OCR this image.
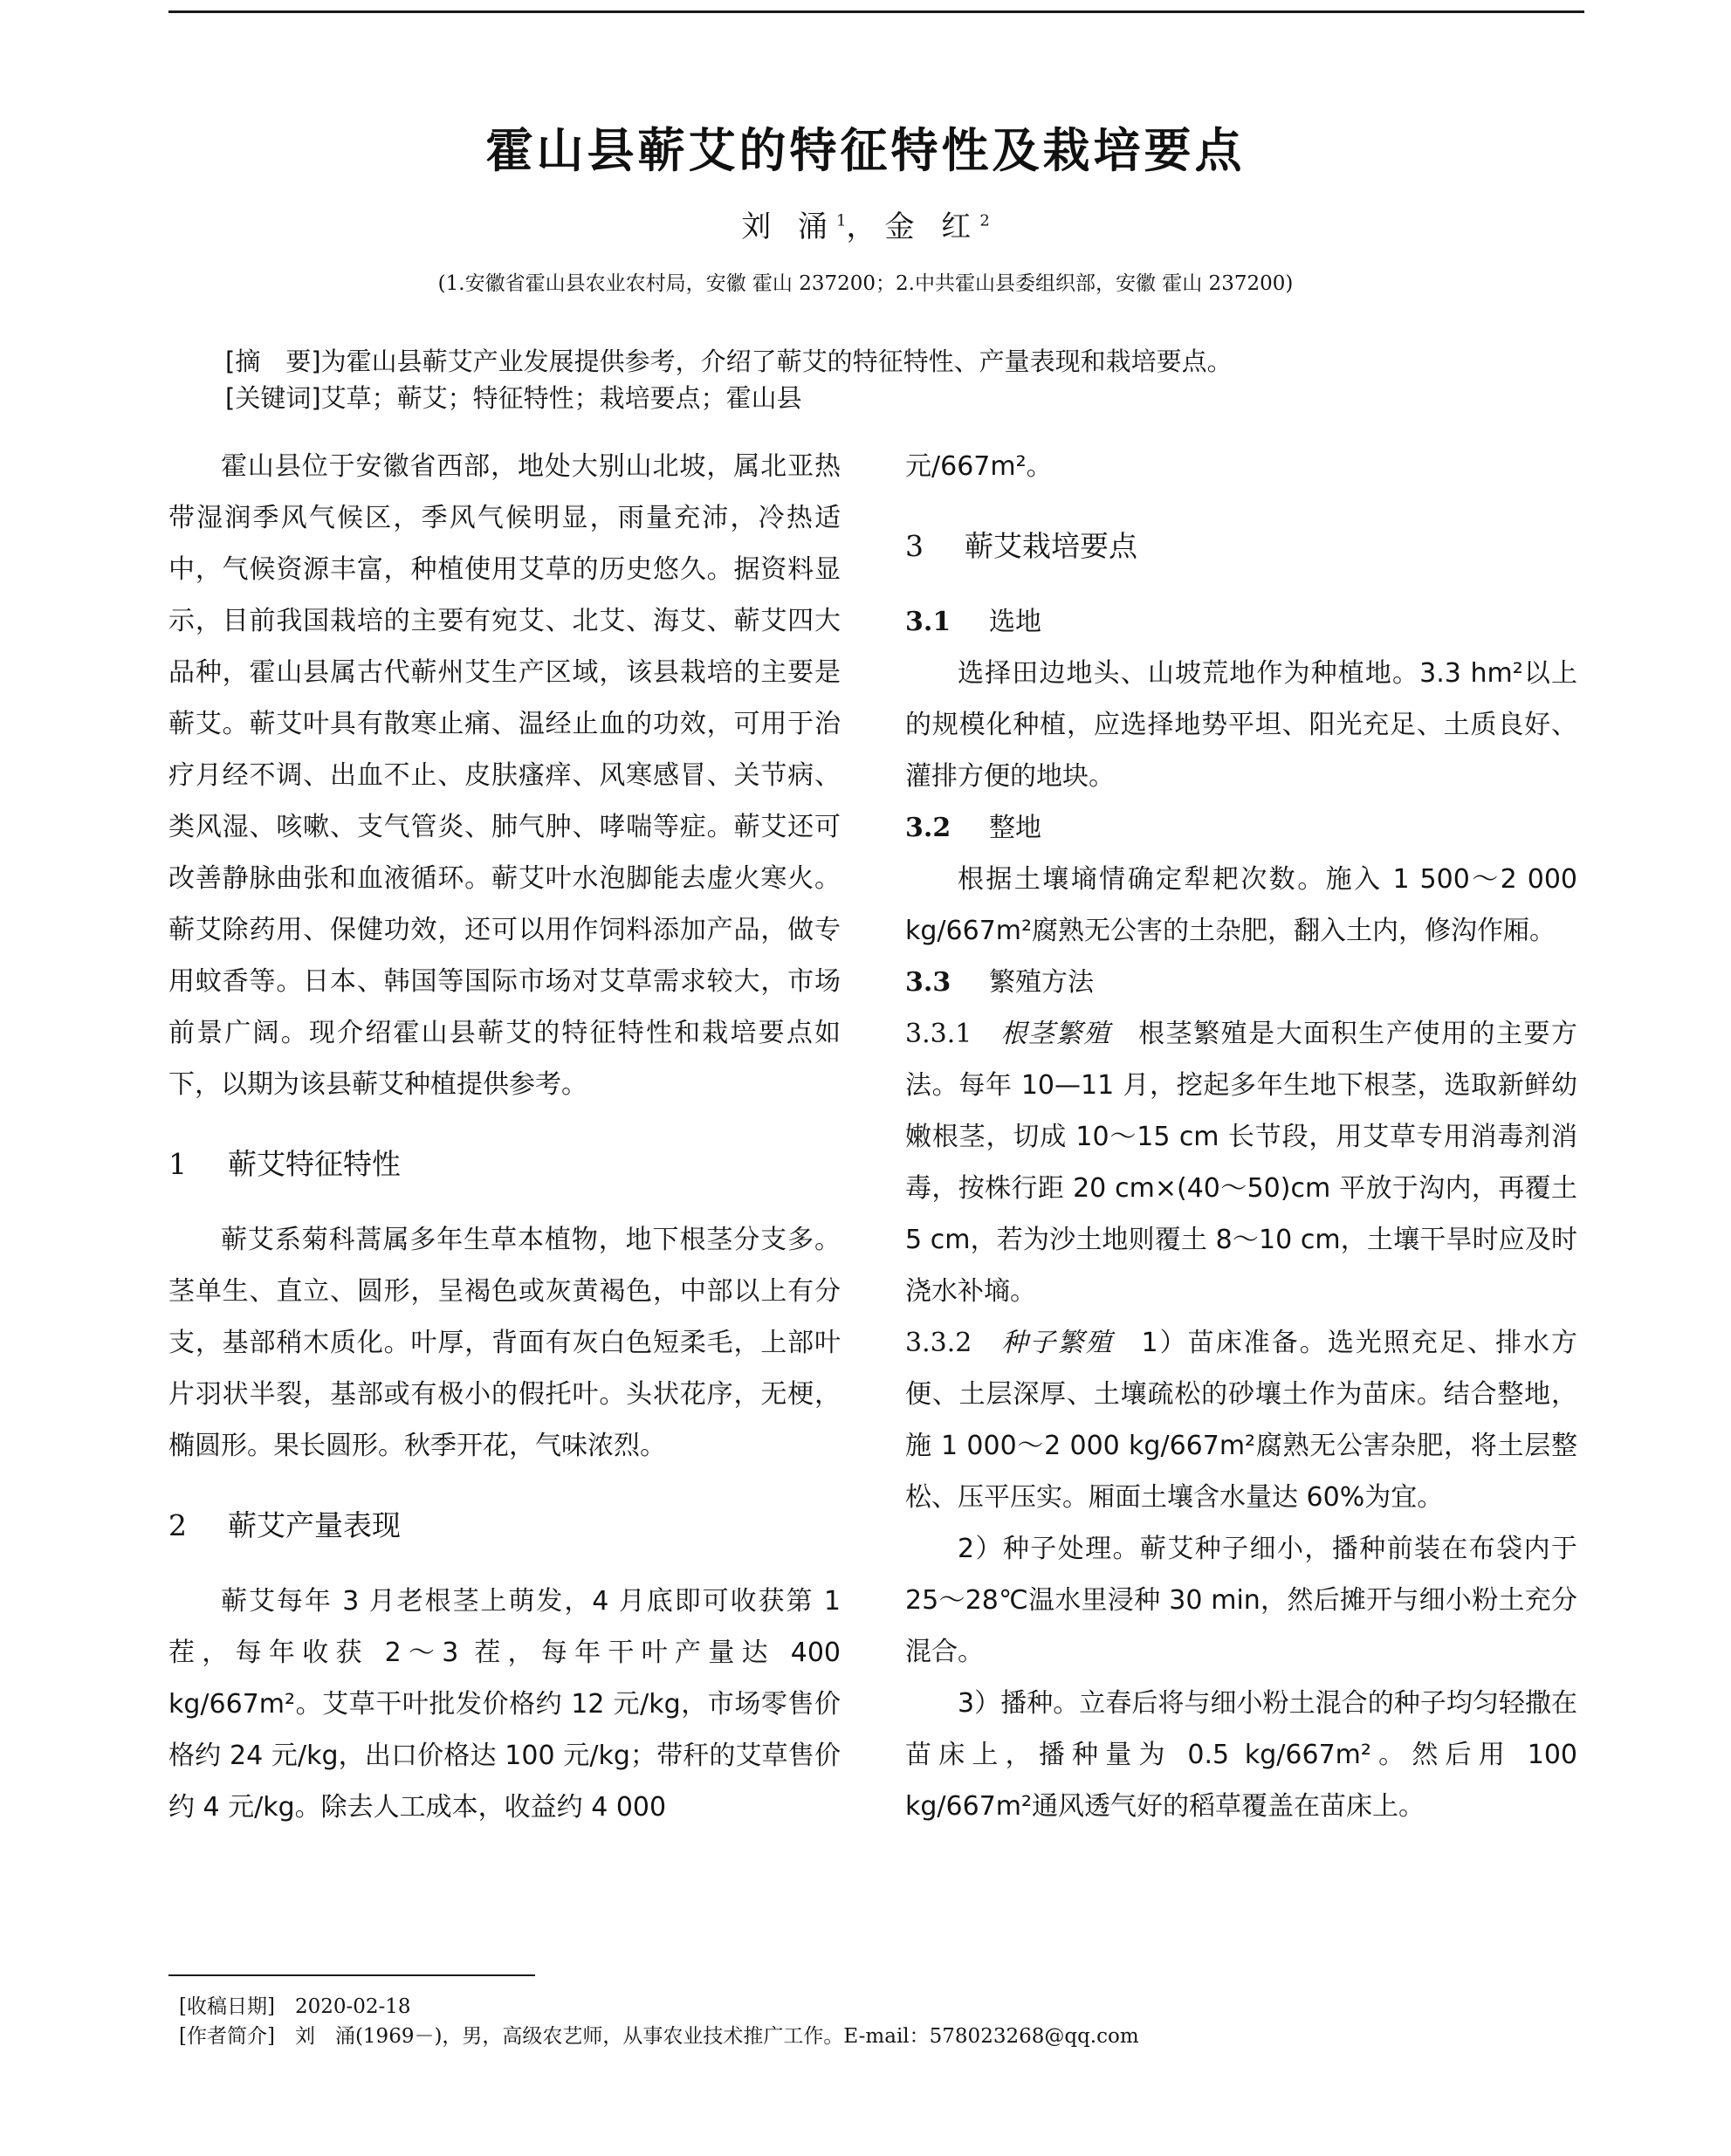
霍山县蕲艾的特征特性及栽培要点
刘 涌$^1$，金 红$^2$
(1.安徽省霍山县农业农村局，安徽 霍山 237200；2.中共霍山县委组织部，安徽 霍山 237200)
[摘　要]为霍山县蕲艾产业发展提供参考，介绍了蕲艾的特征特性、产量表现和栽培要点。
[关键词]艾草；蕲艾；特征特性；栽培要点；霍山县

霍山县位于安徽省西部，地处大别山北坡，属北亚热带湿润季风气候区，季风气候明显，雨量充沛，冷热适中，气候资源丰富，种植使用艾草的历史悠久。据资料显示，目前我国栽培的主要有宛艾、北艾、海艾、蕲艾四大品种，霍山县属古代蕲州艾生产区域，该县栽培的主要是蕲艾。蕲艾叶具有散寒止痛、温经止血的功效，可用于治疗月经不调、出血不止、皮肤瘙痒、风寒感冒、关节病、类风湿、咳嗽、支气管炎、肺气肿、哮喘等症。蕲艾还可改善静脉曲张和血液循环。蕲艾叶水泡脚能去虚火寒火。蕲艾除药用、保健功效，还可以用作饲料添加产品，做专用蚊香等。日本、韩国等国际市场对艾草需求较大，市场前景广阔。现介绍霍山县蕲艾的特征特性和栽培要点如下，以期为该县蕲艾种植提供参考。

1 蕲艾特征特性

蕲艾系菊科蒿属多年生草本植物，地下根茎分支多。茎单生、直立、圆形，呈褐色或灰黄褐色，中部以上有分支，基部稍木质化。叶厚，背面有灰白色短柔毛，上部叶片羽状半裂，基部或有极小的假托叶。头状花序，无梗，椭圆形。果长圆形。秋季开花，气味浓烈。

2 蕲艾产量表现

蕲艾每年 3 月老根茎上萌发，4 月底即可收获第 1 茬，每年收获 2～3 茬，每年干叶产量达 400 kg/667m²。艾草干叶批发价格约 12 元/kg，市场零售价格约 24 元/kg，出口价格达 100 元/kg；带秆的艾草售价约 4 元/kg。除去人工成本，收益约 4 000

元/667m²。

3 蕲艾栽培要点
3.1 选地

选择田边地头、山坡荒地作为种植地。3.3 hm²以上的规模化种植，应选择地势平坦、阳光充足、土质良好、灌排方便的地块。

3.2 整地

根据土壤墒情确定犁耙次数。施入 1 500～2 000 kg/667m²腐熟无公害的土杂肥，翻入土内，修沟作厢。

3.3 繁殖方法

3.3.1　 根茎繁殖　 根茎繁殖是大面积生产使用的主要方法。每年 10—11 月，挖起多年生地下根茎，选取新鲜幼嫩根茎，切成 10～15 cm 长节段，用艾草专用消毒剂消毒，按株行距 20 cm×(40～50)cm 平放于沟内，再覆土 5 cm，若为沙土地则覆土 8～10 cm，土壤干旱时应及时浇水补墒。

3.3.2　 种子繁殖　 1）苗床准备。选光照充足、排水方便、土层深厚、土壤疏松的砂壤土作为苗床。结合整地，施 1 000～2 000 kg/667m²腐熟无公害杂肥，将土层整松、压平压实。厢面土壤含水量达 60%为宜。

2）种子处理。蕲艾种子细小，播种前装在布袋内于 25～28℃温水里浸种 30 min，然后摊开与细小粉土充分混合。

3）播种。立春后将与细小粉土混合的种子均匀轻撒在苗床上，播种量为 0.5 kg/667m²。然后用 100 kg/667m²通风透气好的稻草覆盖在苗床上。

[收稿日期]　 2020-02-18
[作者简介]　 刘　涌(1969－)，男，高级农艺师，从事农业技术推广工作。E-mail：578023268@qq.com
